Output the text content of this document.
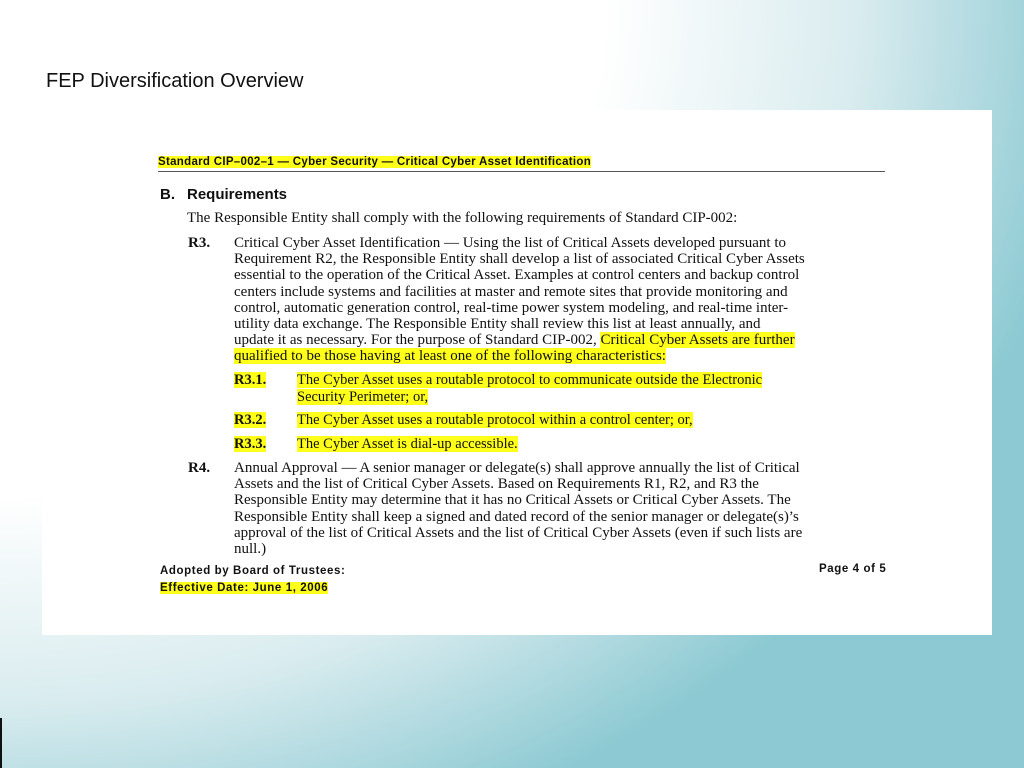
FEP Diversification Overview
Standard CIP–002–1 — Cyber Security — Critical Cyber Asset Identification
B. Requirements
The Responsible Entity shall comply with the following requirements of Standard CIP-002:
R3. Critical Cyber Asset Identification — Using the list of Critical Assets developed pursuant to
Requirement R2, the Responsible Entity shall develop a list of associated Critical Cyber Assets
essential to the operation of the Critical Asset. Examples at control centers and backup control
centers include systems and facilities at master and remote sites that provide monitoring and
control, automatic generation control, real-time power system modeling, and real-time inter-
utility data exchange. The Responsible Entity shall review this list at least annually, and
update it as necessary. For the purpose of Standard CIP-002, Critical Cyber Assets are further
qualified to be those having at least one of the following characteristics:
R3.1. The Cyber Asset uses a routable protocol to communicate outside the Electronic
Security Perimeter; or,
R3.2. The Cyber Asset uses a routable protocol within a control center; or,
R3.3. The Cyber Asset is dial-up accessible.
R4. Annual Approval — A senior manager or delegate(s) shall approve annually the list of Critical
Assets and the list of Critical Cyber Assets. Based on Requirements R1, R2, and R3 the
Responsible Entity may determine that it has no Critical Assets or Critical Cyber Assets. The
Responsible Entity shall keep a signed and dated record of the senior manager or delegate(s)’s
approval of the list of Critical Assets and the list of Critical Cyber Assets (even if such lists are
null.)
Adopted by Board of Trustees:
Effective Date: June 1, 2006
Page 4 of 5
